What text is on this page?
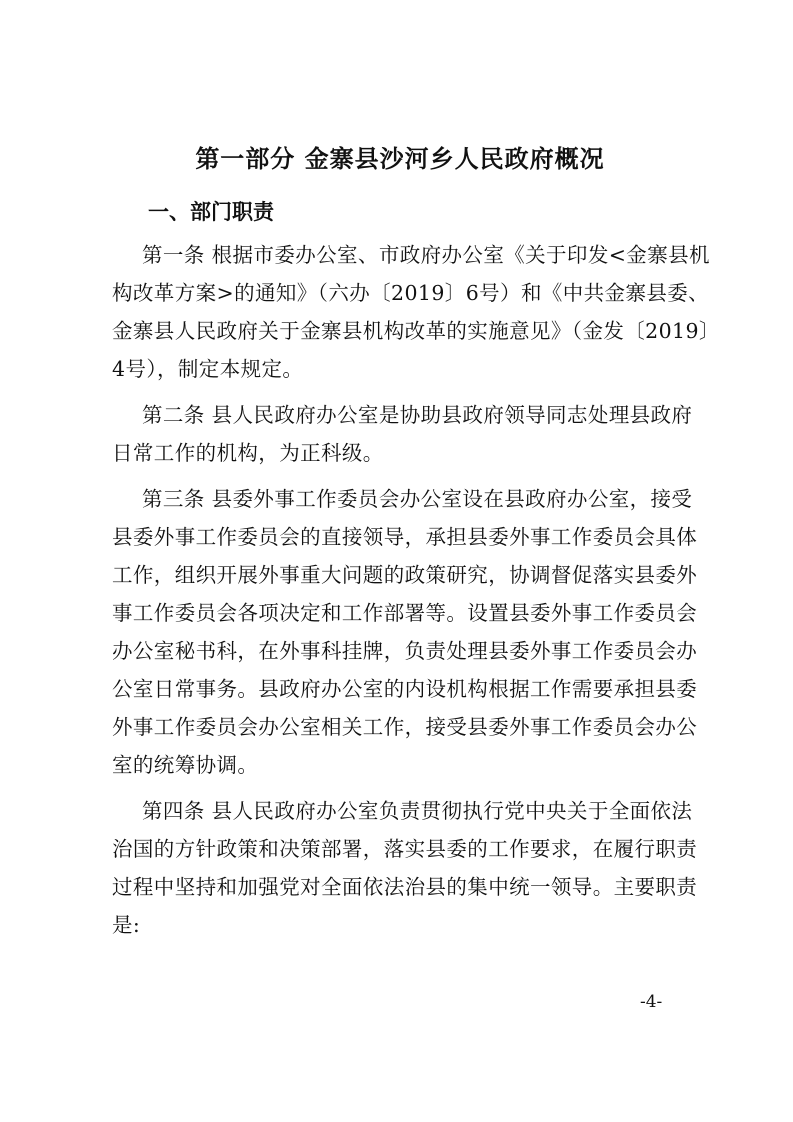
第一部分 金寨县沙河乡人民政府概况
一、部门职责
第一条 根据市委办公室、市政府办公室《关于印发<金寨县机
构改革方案>的通知》（六办〔2019〕6号）和《中共金寨县委、
金寨县人民政府关于金寨县机构改革的实施意见》（金发〔2019〕
4号），制定本规定。
第二条 县人民政府办公室是协助县政府领导同志处理县政府
日常工作的机构，为正科级。
第三条 县委外事工作委员会办公室设在县政府办公室，接受
县委外事工作委员会的直接领导，承担县委外事工作委员会具体
工作，组织开展外事重大问题的政策研究，协调督促落实县委外
事工作委员会各项决定和工作部署等。设置县委外事工作委员会
办公室秘书科，在外事科挂牌，负责处理县委外事工作委员会办
公室日常事务。县政府办公室的内设机构根据工作需要承担县委
外事工作委员会办公室相关工作，接受县委外事工作委员会办公
室的统筹协调。
第四条 县人民政府办公室负责贯彻执行党中央关于全面依法
治国的方针政策和决策部署，落实县委的工作要求，在履行职责
过程中坚持和加强党对全面依法治县的集中统一领导。主要职责
是:
-4-
